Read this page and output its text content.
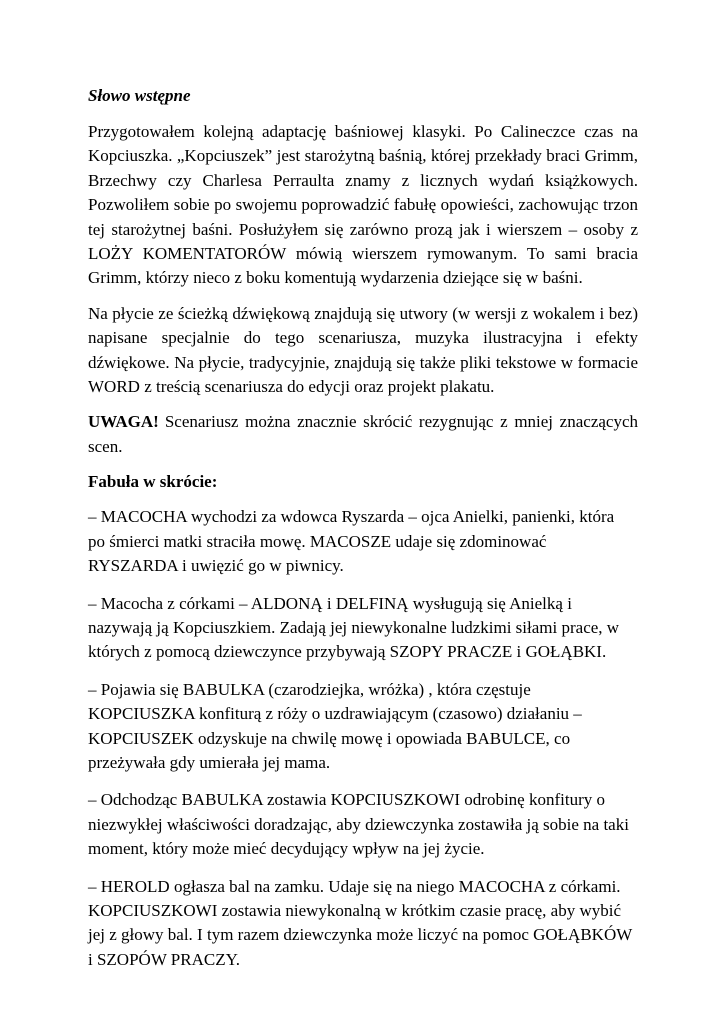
Słowo wstępne

Przygotowałem kolejną adaptację baśniowej klasyki. Po Calineczce czas na
Kopciuszka. „Kopciuszek” jest starożytną baśnią, której przekłady braci Grimm,
Brzechwy czy Charlesa Perraulta znamy z licznych wydań książkowych.
Pozwoliłem sobie po swojemu poprowadzić fabułę opowieści, zachowując trzon
tej starożytnej baśni. Posłużyłem się zarówno prozą jak i wierszem – osoby z
LOŻY KOMENTATORÓW mówią wierszem rymowanym. To sami bracia
Grimm, którzy nieco z boku komentują wydarzenia dziejące się w baśni.

Na płycie ze ścieżką dźwiękową znajdują się utwory (w wersji z wokalem i bez)
napisane specjalnie do tego scenariusza, muzyka ilustracyjna i efekty
dźwiękowe. Na płycie, tradycyjnie, znajdują się także pliki tekstowe w formacie
WORD z treścią scenariusza do edycji oraz projekt plakatu.

UWAGA! Scenariusz można znacznie skrócić rezygnując z mniej znaczących
scen.

Fabuła w skrócie:

– MACOCHA wychodzi za wdowca Ryszarda – ojca Anielki, panienki, która
po śmierci matki straciła mowę. MACOSZE udaje się zdominować
RYSZARDA i uwięzić go w piwnicy.
– Macocha z córkami – ALDONĄ i DELFINĄ wysługują się Anielką i
nazywają ją Kopciuszkiem. Zadają jej niewykonalne ludzkimi siłami prace, w
których z pomocą dziewczynce przybywają SZOPY PRACZE i GOŁĄBKI.
– Pojawia się BABULKA (czarodziejka, wróżka) , która częstuje
KOPCIUSZKA konfiturą z róży o uzdrawiającym (czasowo) działaniu –
KOPCIUSZEK odzyskuje na chwilę mowę i opowiada BABULCE, co
przeżywała gdy umierała jej mama.
– Odchodząc BABULKA zostawia KOPCIUSZKOWI odrobinę konfitury o
niezwykłej właściwości doradzając, aby dziewczynka zostawiła ją sobie na taki
moment, który może mieć decydujący wpływ na jej życie.
– HEROLD ogłasza bal na zamku. Udaje się na niego MACOCHA z córkami.
KOPCIUSZKOWI zostawia niewykonalną w krótkim czasie pracę, aby wybić
jej z głowy bal. I tym razem dziewczynka może liczyć na pomoc GOŁĄBKÓW
i SZOPÓW PRACZY.
